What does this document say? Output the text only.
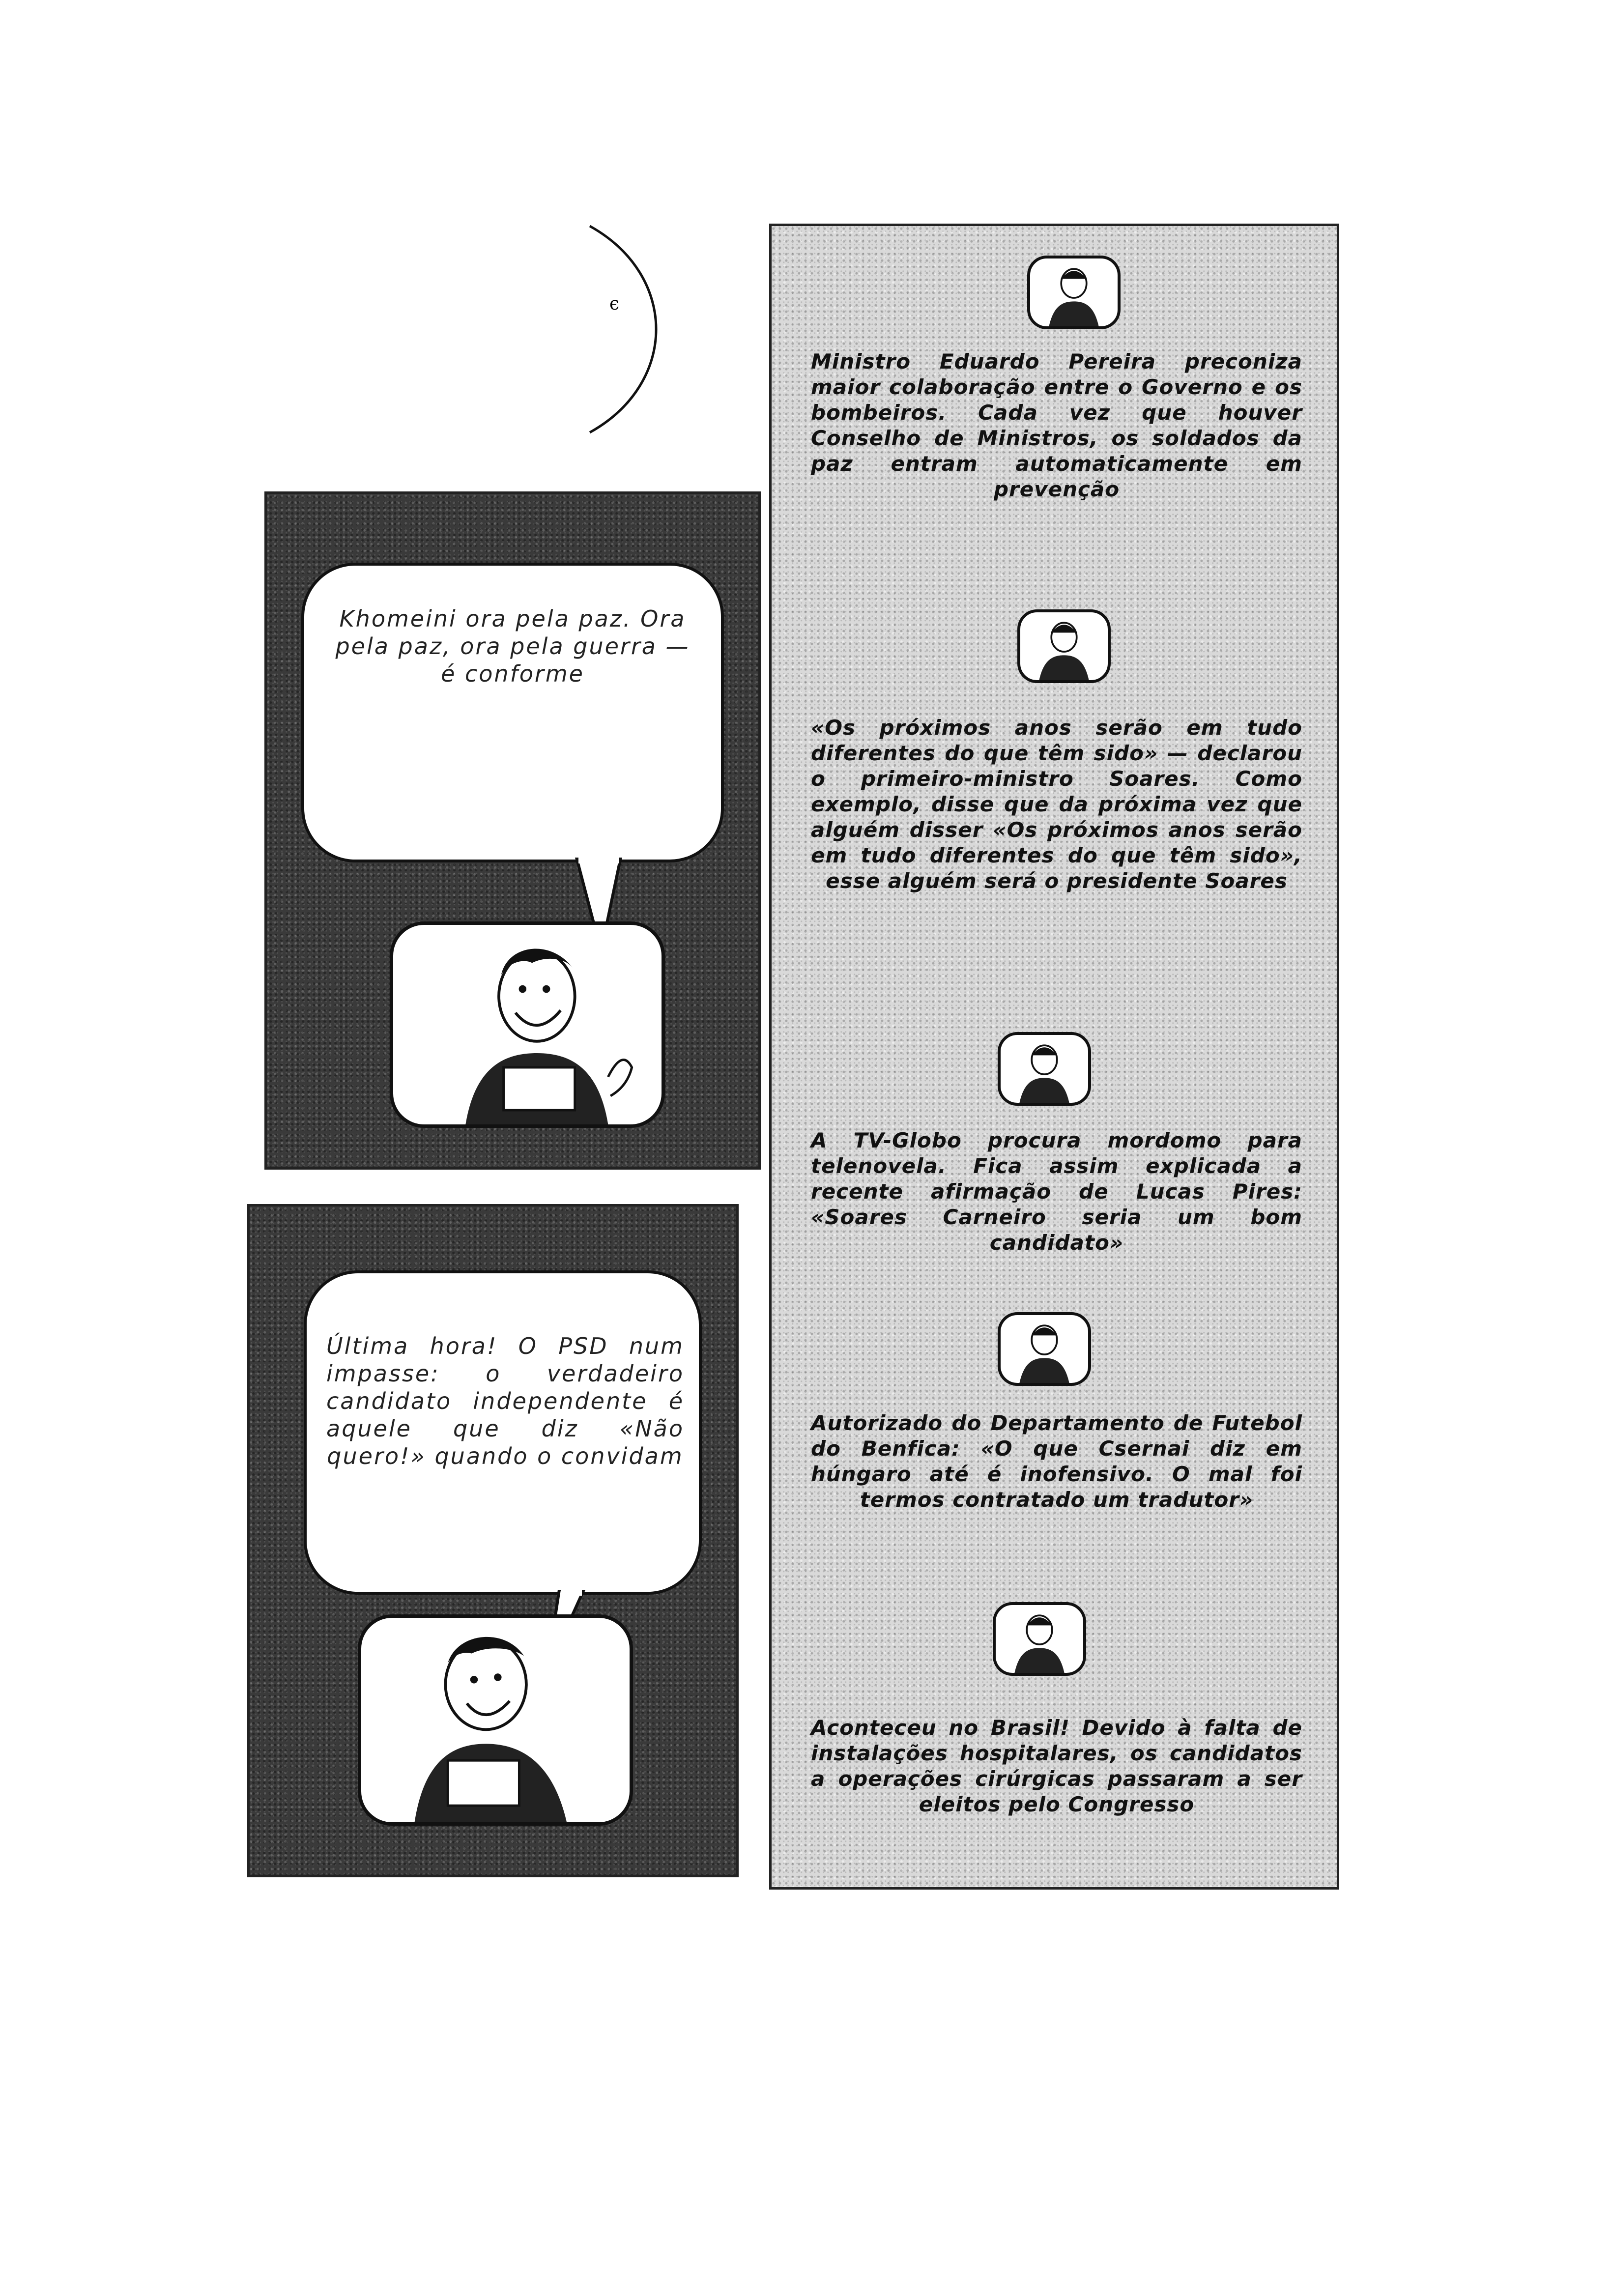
ϵ
Khomeini ora pela paz. Ora pela paz, ora pela guerra — é conforme
Última hora! O PSD num impasse: o verdadeiro candidato independente é aquele que diz «Não quero!» quando o convidam
Ministro Eduardo Pereira preconiza maior colaboração entre o Governo e os bombeiros. Cada vez que houver Conselho de Ministros, os soldados da paz entram automaticamente em prevenção
«Os próximos anos serão em tudo diferentes do que têm sido» — declarou o primeiro-ministro Soares. Como exemplo, disse que da próxima vez que alguém disser «Os próximos anos serão em tudo diferentes do que têm sido», esse alguém será o presidente Soares
A TV-Globo procura mordomo para telenovela. Fica assim explicada a recente afirmação de Lucas Pires: «Soares Carneiro seria um bom candidato»
Autorizado do Departamento de Futebol do Benfica: «O que Csernai diz em húngaro até é inofensivo. O mal foi termos contratado um tradutor»
Aconteceu no Brasil! Devido à falta de instalações hospitalares, os candidatos a operações cirúrgicas passaram a ser eleitos pelo Congresso
